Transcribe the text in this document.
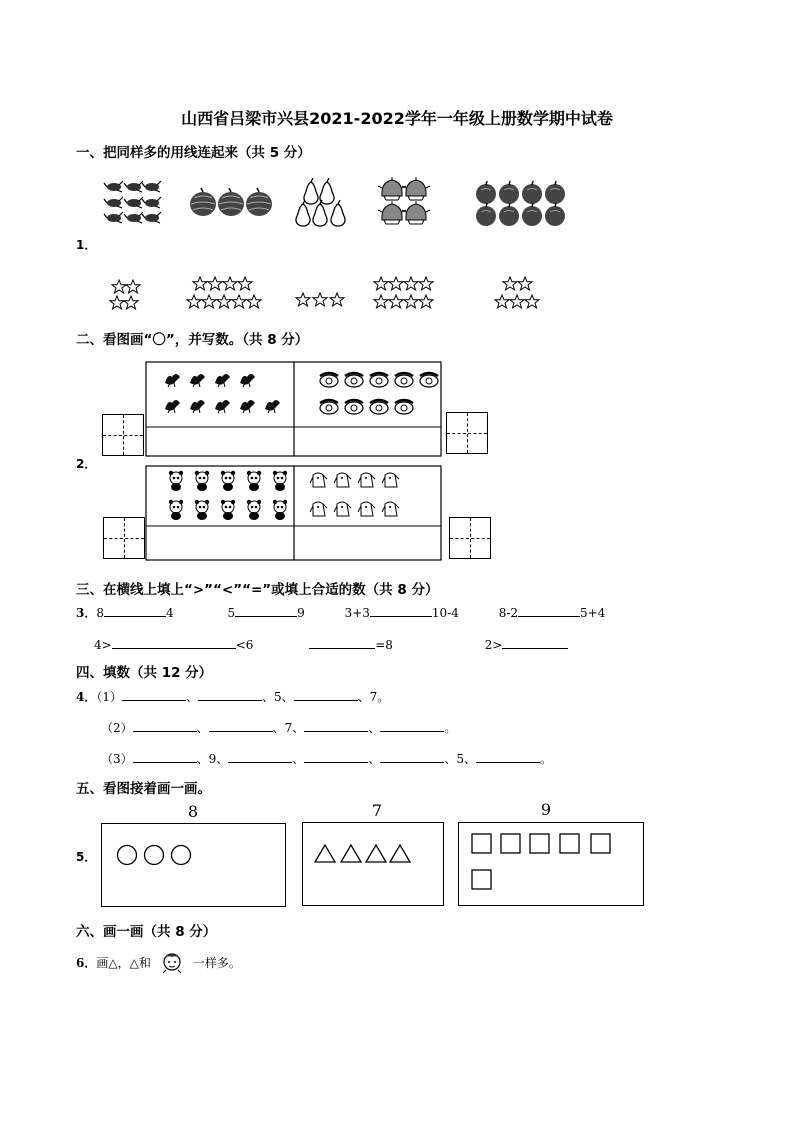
山西省吕梁市兴县2021-2022学年一年级上册数学期中试卷
一、把同样多的用线连起来（共 5 分）
1．
二、看图画“〇”，并写数。（共 8 分）
2．
三、在横线上填上“>”“<”“=”或填上合适的数（共 8 分）
3．8	4	5	9	3+3	10-4	8-2	5+4
4>	<6	=8	2>
四、填数（共 12 分）
4．（1）	、	、5、	、7。
（2）	、	、7、	、	。
（3）	、9、	、	、	、5、	。
五、看图接着画一画。
5．
8	7	9
六、画一画（共 8 分）
6． 画△，△和	一样多。
